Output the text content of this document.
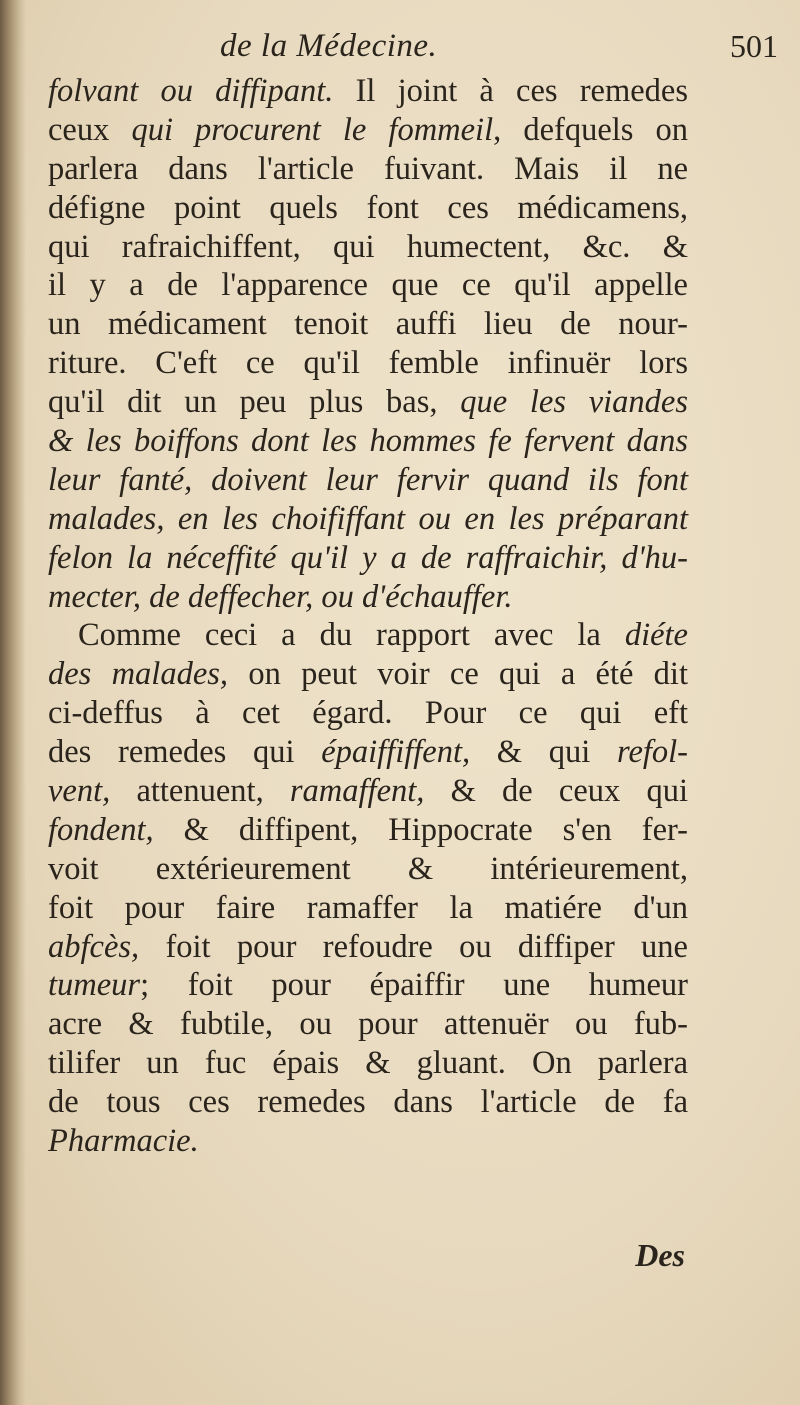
de la Médecine.	501
folvant ou diffipant. Il joint à ces remedes
ceux qui procurent le fommeil, defquels on
parlera dans l'article fuivant. Mais il ne
défigne point quels font ces médicamens,
qui rafraichiffent, qui humectent, &c. &
il y a de l'apparence que ce qu'il appelle
un médicament tenoit auffi lieu de nour-
riture. C'eft ce qu'il femble infinuër lors
qu'il dit un peu plus bas, que les viandes
& les boiffons dont les hommes fe fervent dans
leur fanté, doivent leur fervir quand ils font
malades, en les choififfant ou en les préparant
felon la néceffité qu'il y a de raffraichir, d'hu-
mecter, de deffecher, ou d'échauffer.
Comme ceci a du rapport avec la diéte
des malades, on peut voir ce qui a été dit
ci-deffus à cet égard. Pour ce qui eft
des remedes qui épaiffiffent, & qui refol-
vent, attenuent, ramaffent, & de ceux qui
fondent, & diffipent, Hippocrate s'en fer-
voit extérieurement & intérieurement,
foit pour faire ramaffer la matiére d'un
abfcès, foit pour refoudre ou diffiper une
tumeur; foit pour épaiffir une humeur
acre & fubtile, ou pour attenuër ou fub-
tilifer un fuc épais & gluant. On parlera
de tous ces remedes dans l'article de fa
Pharmacie.
Des
